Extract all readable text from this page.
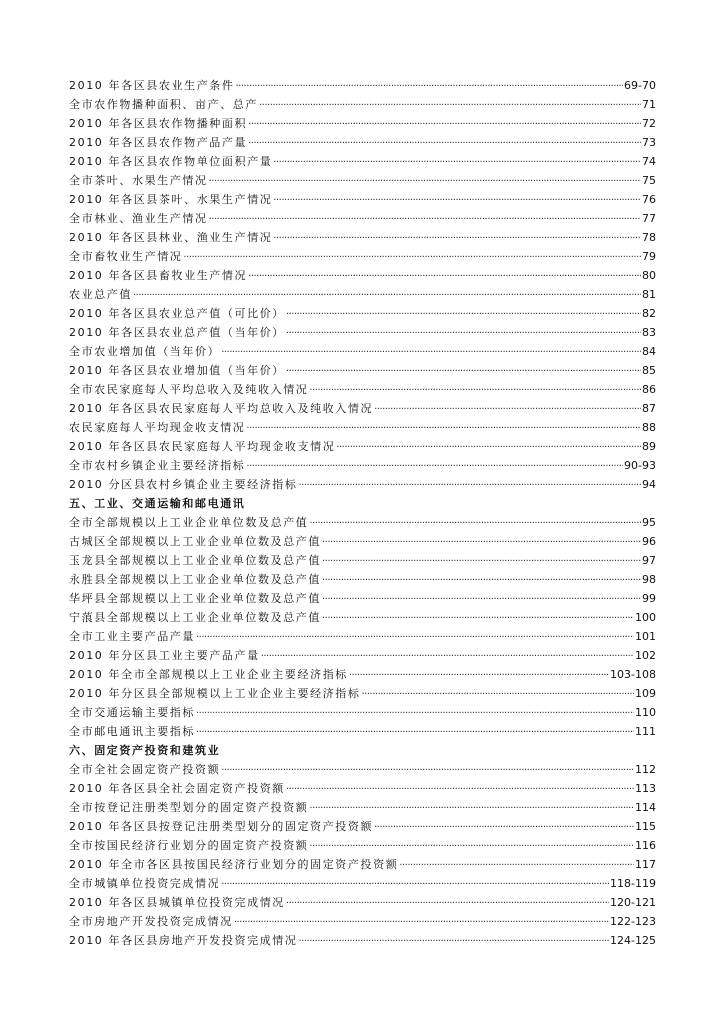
2010 年各区县农业生产条件 ·····	69-70
全市农作物播种面积、亩产、总产 ·····	71
2010 年各区县农作物播种面积 ·····	72
2010 年各区县农作物产品产量 ·····	73
2010 年各区县农作物单位面积产量 ·····	74
全市茶叶、水果生产情况 ·····	75
2010 年各区县茶叶、水果生产情况 ·····	76
全市林业、渔业生产情况 ·····	77
2010 年各区县林业、渔业生产情况 ·····	78
全市畜牧业生产情况 ·····	79
2010 年各区县畜牧业生产情况 ·····	80
农业总产值 ·····	81
2010 年各区县农业总产值（可比价） ·····	82
2010 年各区县农业总产值（当年价） ·····	83
全市农业增加值（当年价） ·····	84
2010 年各区县农业增加值（当年价） ·····	85
全市农民家庭每人平均总收入及纯收入情况 ·····	86
2010 年各区县农民家庭每人平均总收入及纯收入情况 ·····	87
农民家庭每人平均现金收支情况 ·····	88
2010 年各区县农民家庭每人平均现金收支情况 ·····	89
全市农村乡镇企业主要经济指标 ·····	90-93
2010 分区县农村乡镇企业主要经济指标 ·····	94
五、工业、交通运输和邮电通讯
全市全部规模以上工业企业单位数及总产值 ·····	95
古城区全部规模以上工业企业单位数及总产值 ·····	96
玉龙县全部规模以上工业企业单位数及总产值 ·····	97
永胜县全部规模以上工业企业单位数及总产值 ·····	98
华坪县全部规模以上工业企业单位数及总产值 ·····	99
宁蒗县全部规模以上工业企业单位数及总产值 ·····	100
全市工业主要产品产量 ·····	101
2010 年分区县工业主要产品产量 ·····	102
2010 年全市全部规模以上工业企业主要经济指标 ·····	103-108
2010 年分区县全部规模以上工业企业主要经济指标 ·····	109
全市交通运输主要指标 ·····	110
全市邮电通讯主要指标 ·····	111
六、固定资产投资和建筑业
全市全社会固定资产投资额 ·····	112
2010 年各区县全社会固定资产投资额 ·····	113
全市按登记注册类型划分的固定资产投资额 ·····	114
2010 年各区县按登记注册类型划分的固定资产投资额 ·····	115
全市按国民经济行业划分的固定资产投资额 ·····	116
2010 年全市各区县按国民经济行业划分的固定资产投资额 ·····	117
全市城镇单位投资完成情况 ·····	118-119
2010 年各区县城镇单位投资完成情况 ·····	120-121
全市房地产开发投资完成情况 ·····	122-123
2010 年各区县房地产开发投资完成情况 ·····	124-125
